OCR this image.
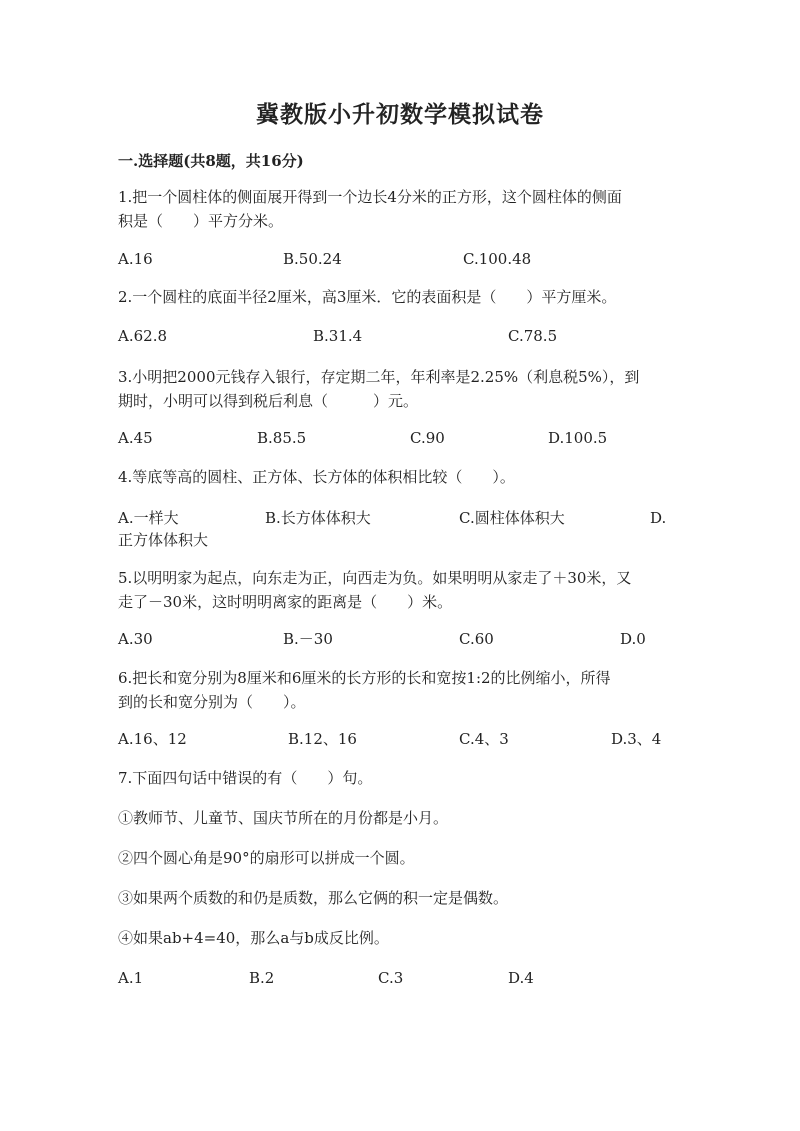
冀教版小升初数学模拟试卷
一.选择题(共8题，共16分)
1.把一个圆柱体的侧面展开得到一个边长4分米的正方形，这个圆柱体的侧面
积是（　　）平方分米。
A.16	B.50.24	C.100.48
2.一个圆柱的底面半径2厘米，高3厘米．它的表面积是（　　）平方厘米。
A.62.8	B.31.4	C.78.5
3.小明把2000元钱存入银行，存定期二年，年利率是2.25%（利息税5%），到
期时，小明可以得到税后利息（　　　）元。
A.45	B.85.5	C.90	D.100.5
4.等底等高的圆柱、正方体、长方体的体积相比较（　　）。
A.一样大	B.长方体体积大	C.圆柱体体积大	D.
正方体体积大
5.以明明家为起点，向东走为正，向西走为负。如果明明从家走了＋30米，又
走了－30米，这时明明离家的距离是（　　）米。
A.30	B.－30	C.60	D.0
6.把长和宽分别为8厘米和6厘米的长方形的长和宽按1:2的比例缩小，所得
到的长和宽分别为（　　）。
A.16、12	B.12、16	C.4、3	D.3、4
7.下面四句话中错误的有（　　）句。
①教师节、儿童节、国庆节所在的月份都是小月。
②四个圆心角是90°的扇形可以拼成一个圆。
③如果两个质数的和仍是质数，那么它俩的积一定是偶数。
④如果ab+4=40，那么a与b成反比例。
A.1	B.2	C.3	D.4
